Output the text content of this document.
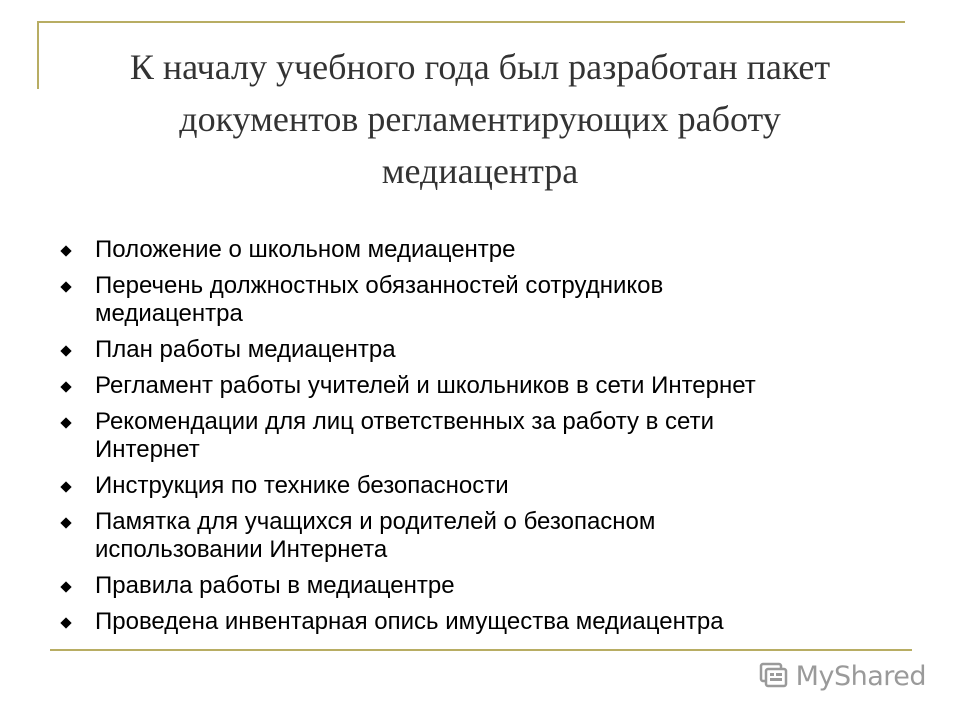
К началу учебного года был разработан пакет
документов регламентирующих работу
медиацентра
Положение о школьном медиацентре
Перечень должностных обязанностей сотрудников
медиацентра
План работы медиацентра
Регламент работы учителей и школьников в сети Интернет
Рекомендации для лиц ответственных за работу в сети
Интернет
Инструкция по технике безопасности
Памятка для учащихся и родителей о безопасном
использовании Интернета
Правила работы в медиацентре
Проведена инвентарная опись имущества медиацентра
MyShared
